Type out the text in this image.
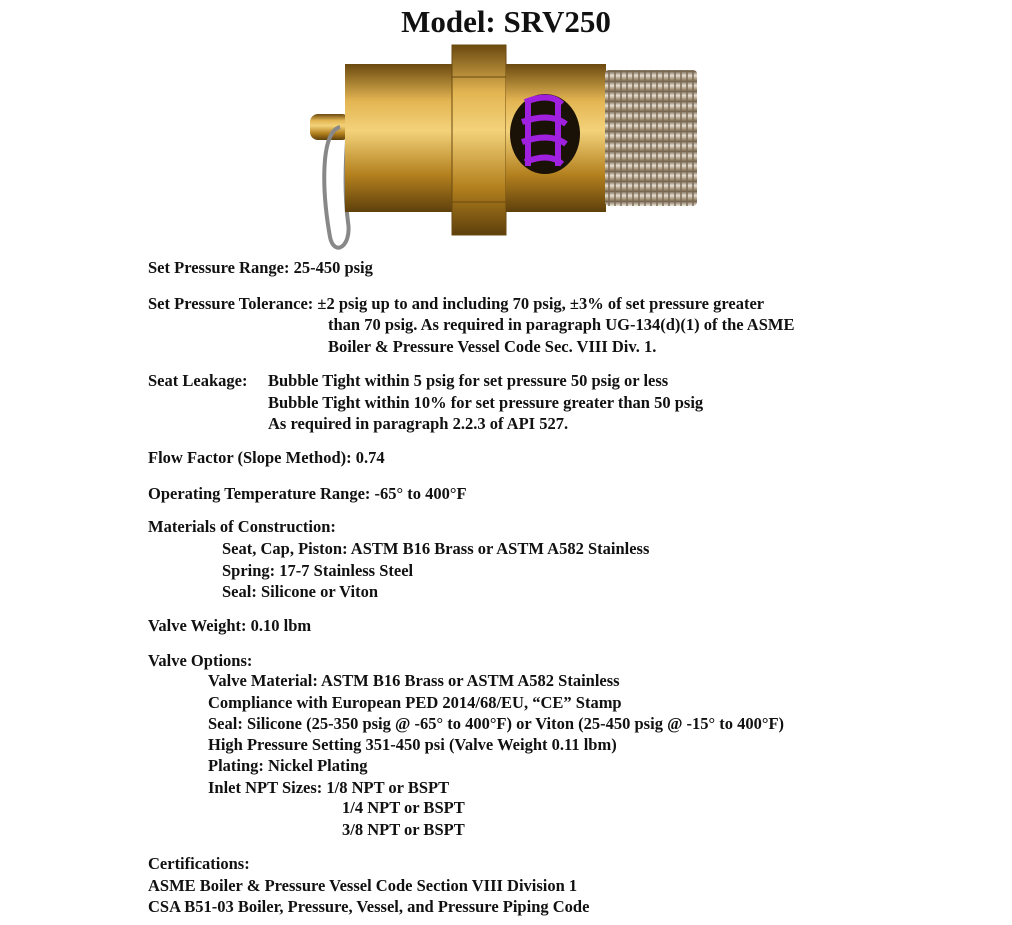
Model: SRV250
Set Pressure Range: 25-450 psig
Set Pressure Tolerance: ±2 psig up to and including 70 psig, ±3% of set pressure greater
than 70 psig. As required in paragraph UG-134(d)(1) of the ASME
Boiler & Pressure Vessel Code Sec. VIII Div. 1.
Seat Leakage: Bubble Tight within 5 psig for set pressure 50 psig or less
Bubble Tight within 10% for set pressure greater than 50 psig
As required in paragraph 2.2.3 of API 527.
Flow Factor (Slope Method): 0.74
Operating Temperature Range: -65° to 400°F
Materials of Construction:
Seat, Cap, Piston: ASTM B16 Brass or ASTM A582 Stainless
Spring: 17-7 Stainless Steel
Seal: Silicone or Viton
Valve Weight: 0.10 lbm
Valve Options:
Valve Material: ASTM B16 Brass or ASTM A582 Stainless
Compliance with European PED 2014/68/EU, “CE” Stamp
Seal: Silicone (25-350 psig @ -65° to 400°F) or Viton (25-450 psig @ -15° to 400°F)
High Pressure Setting 351-450 psi (Valve Weight 0.11 lbm)
Plating: Nickel Plating
Inlet NPT Sizes: 1/8 NPT or BSPT
1/4 NPT or BSPT
3/8 NPT or BSPT
Certifications:
ASME Boiler & Pressure Vessel Code Section VIII Division 1
CSA B51-03 Boiler, Pressure, Vessel, and Pressure Piping Code
